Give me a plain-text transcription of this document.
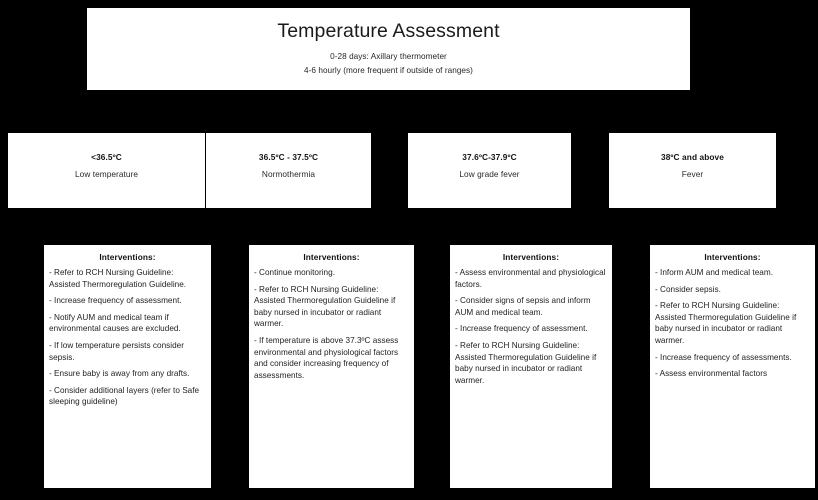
Temperature Assessment
0-28 days: Axillary thermometer
4-6 hourly (more frequent if outside of ranges)
<36.5ºC
Low temperature
36.5ºC - 37.5ºC
Normothermia
37.6ºC-37.9ºC
Low grade fever
38ºC and above
Fever
Interventions:
- Refer to RCH Nursing Guideline: Assisted Thermoregulation Guideline.
- Increase frequency of assessment.
- Notify AUM and medical team if environmental causes are excluded.
- If low temperature persists consider sepsis.
- Ensure baby is away from any drafts.
- Consider additional layers (refer to Safe sleeping guideline)
Interventions:
- Continue monitoring.
- Refer to RCH Nursing Guideline: Assisted Thermoregulation Guideline if baby nursed in incubator or radiant warmer.
- If temperature is above 37.3ºC assess environmental and physiological factors and consider increasing frequency of assessments.
Interventions:
- Assess environmental and physiological factors.
- Consider signs of sepsis and inform AUM and medical team.
- Increase frequency of assessment.
- Refer to RCH Nursing Guideline: Assisted Thermoregulation Guideline if baby nursed in incubator or radiant warmer.
Interventions:
- Inform AUM and medical team.
- Consider sepsis.
- Refer to RCH Nursing Guideline: Assisted Thermoregulation Guideline if baby nursed in incubator or radiant warmer.
- Increase frequency of assessments.
- Assess environmental factors
